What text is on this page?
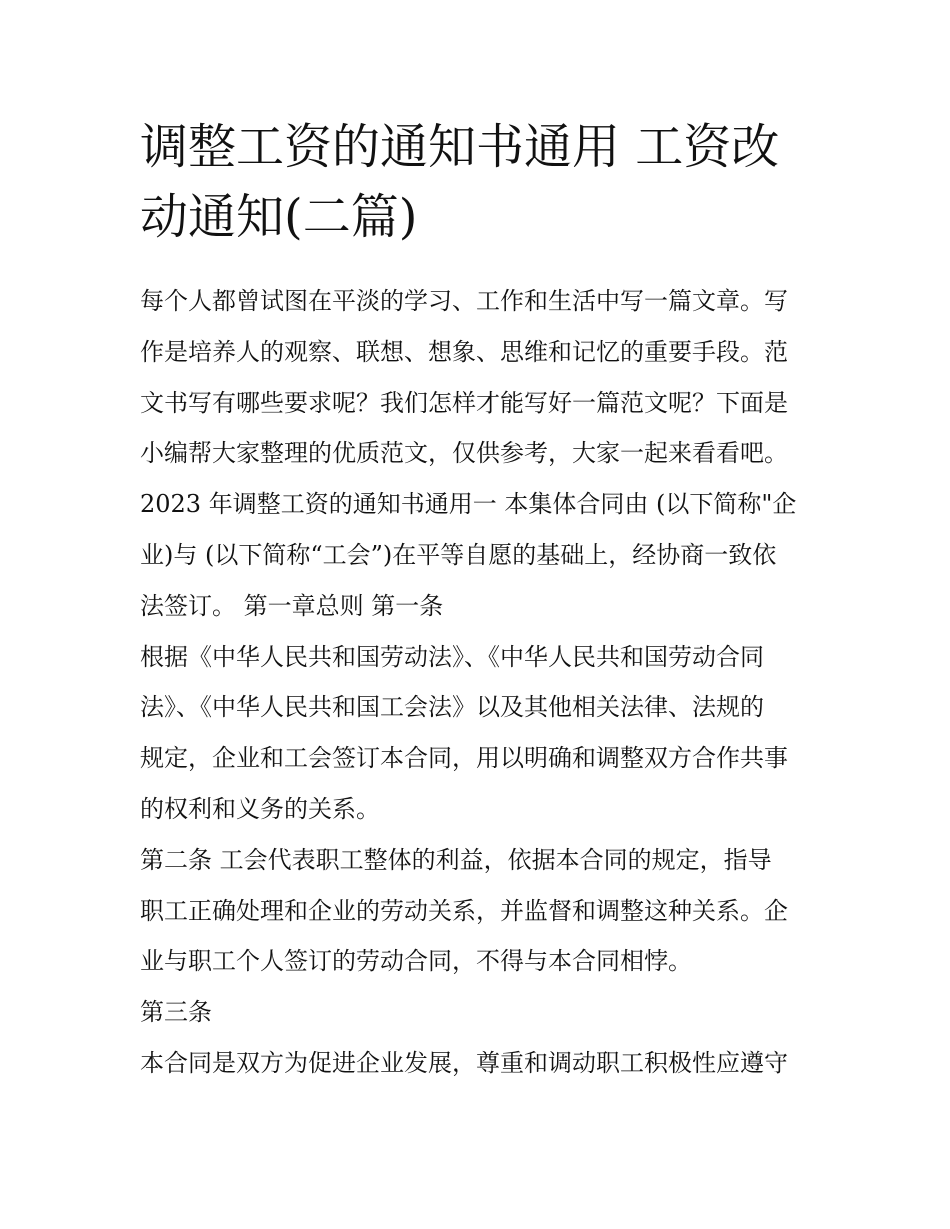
调整工资的通知书通用 工资改
动通知(二篇)
每个人都曾试图在平淡的学习、工作和生活中写一篇文章。写
作是培养人的观察、联想、想象、思维和记忆的重要手段。范
文书写有哪些要求呢？我们怎样才能写好一篇范文呢？下面是
小编帮大家整理的优质范文，仅供参考，大家一起来看看吧。
2023 年调整工资的通知书通用一 本集体合同由 (以下简称"企
业)与 (以下简称“工会”)在平等自愿的基础上，经协商一致依
法签订。 第一章总则 第一条
根据《中华人民共和国劳动法》、《中华人民共和国劳动合同
法》、《中华人民共和国工会法》以及其他相关法律、法规的
规定，企业和工会签订本合同，用以明确和调整双方合作共事
的权利和义务的关系。
第二条 工会代表职工整体的利益，依据本合同的规定，指导
职工正确处理和企业的劳动关系，并监督和调整这种关系。企
业与职工个人签订的劳动合同，不得与本合同相悖。
第三条
本合同是双方为促进企业发展，尊重和调动职工积极性应遵守
